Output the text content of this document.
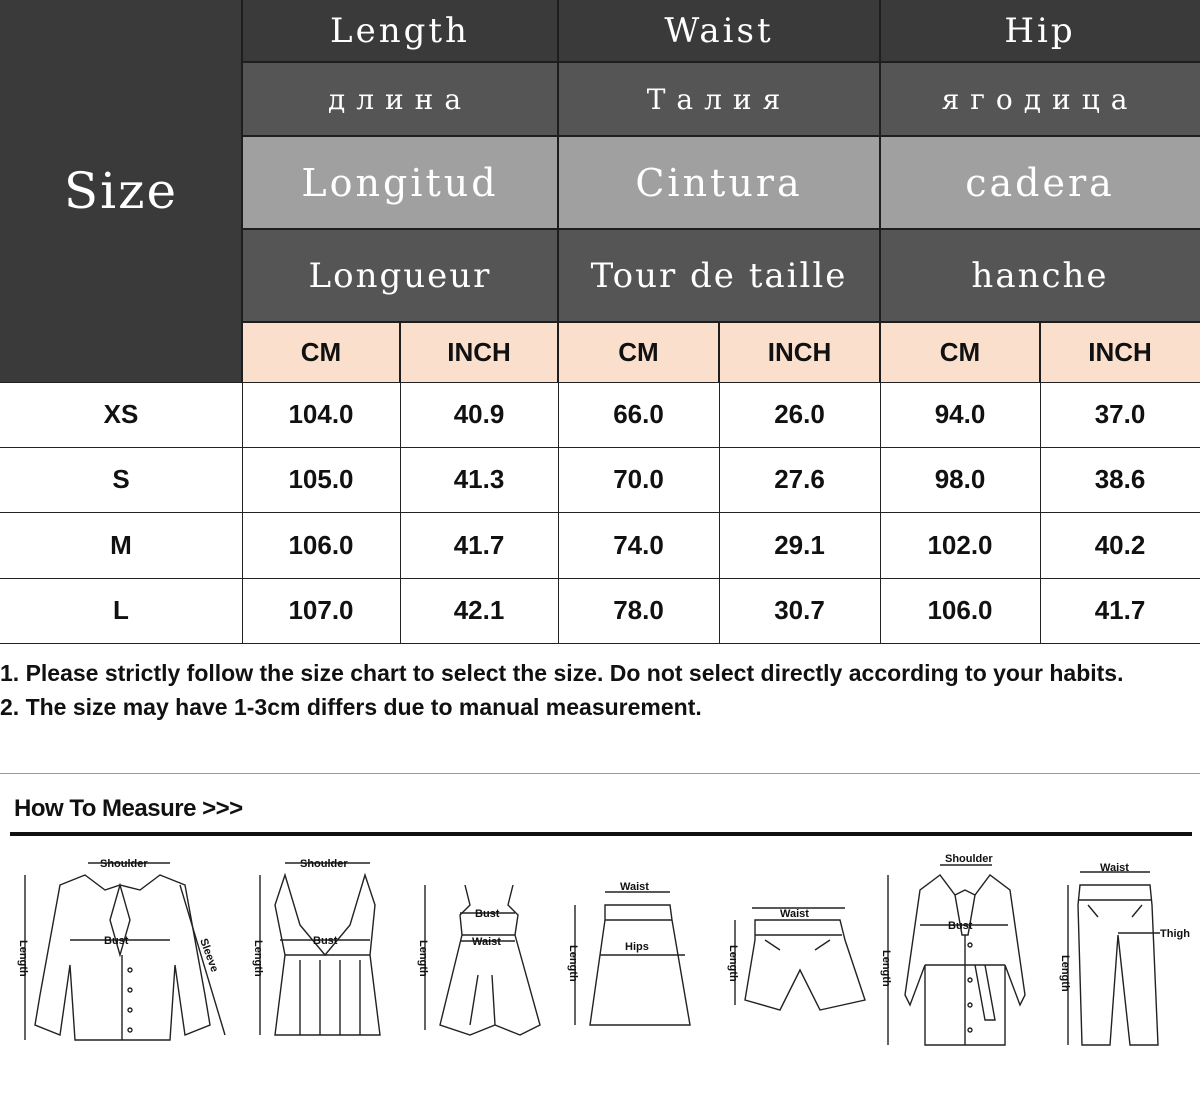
Size
Length	Waist	Hip
длина	Талия	ягодица
Longitud	Cintura	cadera
Longueur	Tour de taille	hanche
CM	INCH	CM	INCH	CM	INCH
XS	104.0	40.9	66.0	26.0	94.0	37.0
S	105.0	41.3	70.0	27.6	98.0	38.6
M	106.0	41.7	74.0	29.1	102.0	40.2
L	107.0	42.1	78.0	30.7	106.0	41.7
1. Please strictly follow the size chart to select the size. Do not select directly according to your habits.
2. The size may have 1-3cm differs due to manual measurement.
How To Measure >>>
Shoulder
Bust	Sleeve
Length
Shoulder
Bust
Length
Bust
Waist
Length
Waist
Hips
Length
Waist
Length
Shoulder
Bust
Length
Waist
Thigh
Length
